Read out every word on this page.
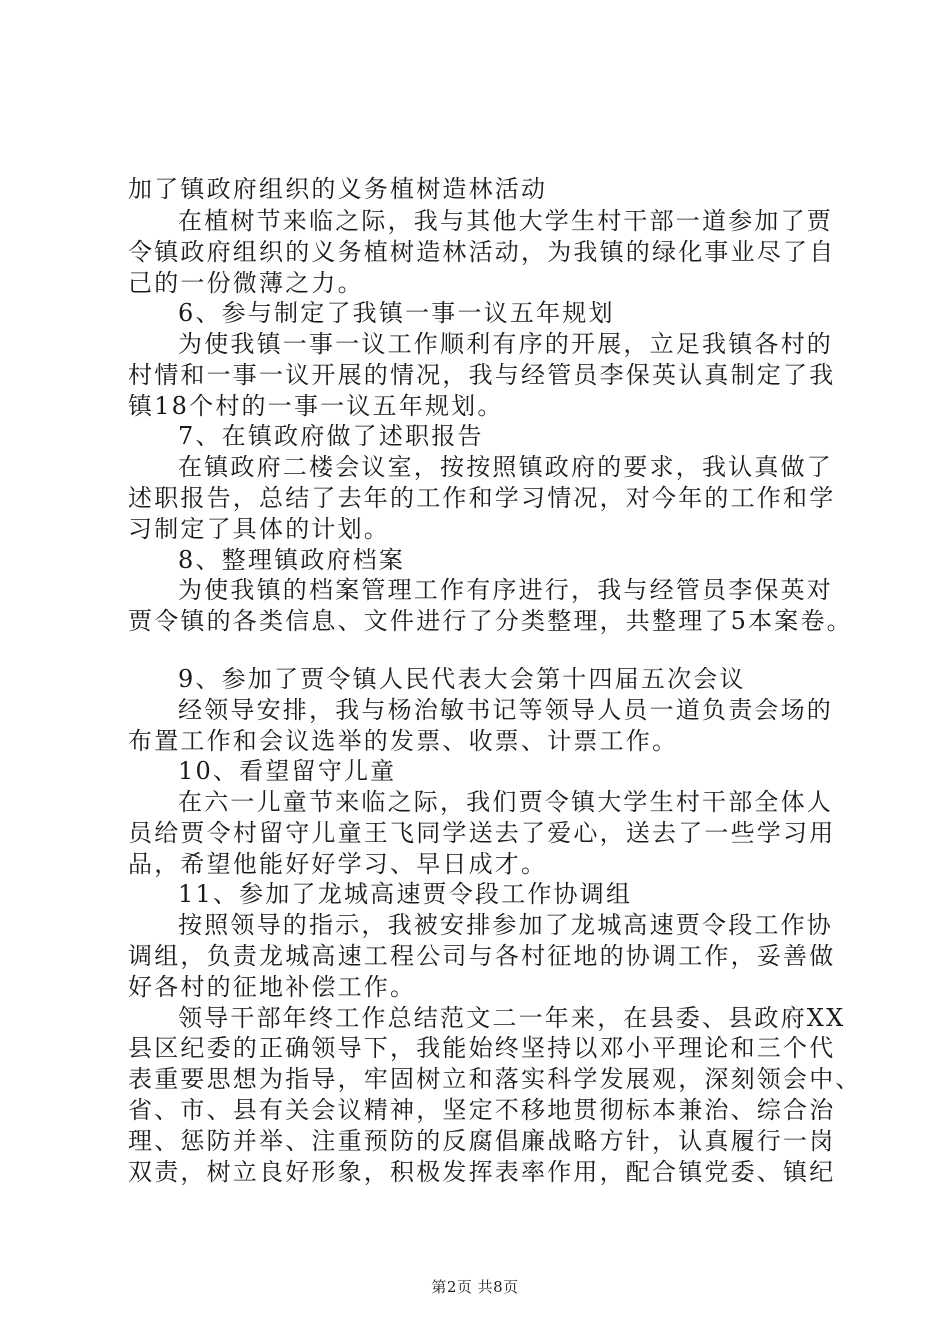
加了镇政府组织的义务植树造林活动
在植树节来临之际，我与其他大学生村干部一道参加了贾
令镇政府组织的义务植树造林活动，为我镇的绿化事业尽了自
己的一份微薄之力。
6、参与制定了我镇一事一议五年规划
为使我镇一事一议工作顺利有序的开展，立足我镇各村的
村情和一事一议开展的情况，我与经管员李保英认真制定了我
镇18个村的一事一议五年规划。
7、在镇政府做了述职报告
在镇政府二楼会议室，按按照镇政府的要求，我认真做了
述职报告，总结了去年的工作和学习情况，对今年的工作和学
习制定了具体的计划。
8、整理镇政府档案
为使我镇的档案管理工作有序进行，我与经管员李保英对
贾令镇的各类信息、文件进行了分类整理，共整理了5本案卷。
9、参加了贾令镇人民代表大会第十四届五次会议
经领导安排，我与杨治敏书记等领导人员一道负责会场的
布置工作和会议选举的发票、收票、计票工作。
10、看望留守儿童
在六一儿童节来临之际，我们贾令镇大学生村干部全体人
员给贾令村留守儿童王飞同学送去了爱心，送去了一些学习用
品，希望他能好好学习、早日成才。
11、参加了龙城高速贾令段工作协调组
按照领导的指示，我被安排参加了龙城高速贾令段工作协
调组，负责龙城高速工程公司与各村征地的协调工作，妥善做
好各村的征地补偿工作。
领导干部年终工作总结范文二一年来，在县委、县政府XX
县区纪委的正确领导下，我能始终坚持以邓小平理论和三个代
表重要思想为指导，牢固树立和落实科学发展观，深刻领会中、
省、市、县有关会议精神，坚定不移地贯彻标本兼治、综合治
理、惩防并举、注重预防的反腐倡廉战略方针，认真履行一岗
双责，树立良好形象，积极发挥表率作用，配合镇党委、镇纪
第2页 共8页
